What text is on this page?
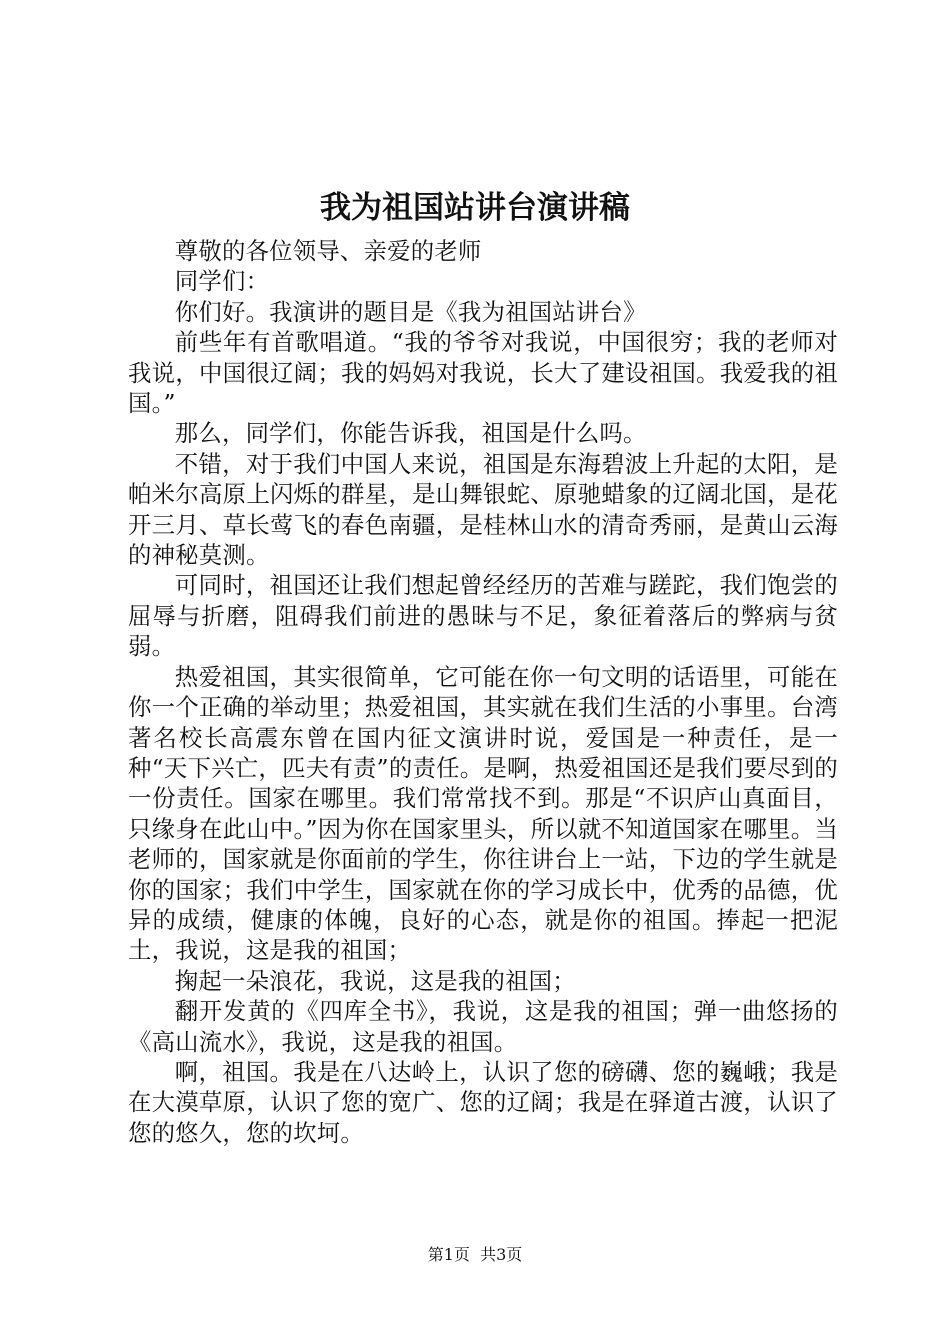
我为祖国站讲台演讲稿

尊敬的各位领导、亲爱的老师

同学们：

你们好。我演讲的题目是《我为祖国站讲台》

前些年有首歌唱道。“我的爷爷对我说，中国很穷；我的老师对我说，中国很辽阔；我的妈妈对我说，长大了建设祖国。我爱我的祖国。”

那么，同学们，你能告诉我，祖国是什么吗。

不错，对于我们中国人来说，祖国是东海碧波上升起的太阳，是帕米尔高原上闪烁的群星，是山舞银蛇、原驰蜡象的辽阔北国，是花开三月、草长莺飞的春色南疆，是桂林山水的清奇秀丽，是黄山云海的神秘莫测。

可同时，祖国还让我们想起曾经经历的苦难与蹉跎，我们饱尝的屈辱与折磨，阻碍我们前进的愚昧与不足，象征着落后的弊病与贫弱。

热爱祖国，其实很简单，它可能在你一句文明的话语里，可能在你一个正确的举动里；热爱祖国，其实就在我们生活的小事里。台湾著名校长高震东曾在国内征文演讲时说，爱国是一种责任，是一种“天下兴亡，匹夫有责”的责任。是啊，热爱祖国还是我们要尽到的一份责任。国家在哪里。我们常常找不到。那是“不识庐山真面目，只缘身在此山中。”因为你在国家里头，所以就不知道国家在哪里。当老师的，国家就是你面前的学生，你往讲台上一站，下边的学生就是你的国家；我们中学生，国家就在你的学习成长中，优秀的品德，优异的成绩，健康的体魄，良好的心态，就是你的祖国。捧起一把泥土，我说，这是我的祖国；

掬起一朵浪花，我说，这是我的祖国；

翻开发黄的《四库全书》，我说，这是我的祖国；弹一曲悠扬的《高山流水》，我说，这是我的祖国。

啊，祖国。我是在八达岭上，认识了您的磅礴、您的巍峨；我是在大漠草原，认识了您的宽广、您的辽阔；我是在驿道古渡，认识了您的悠久，您的坎坷。

第1页 共3页
